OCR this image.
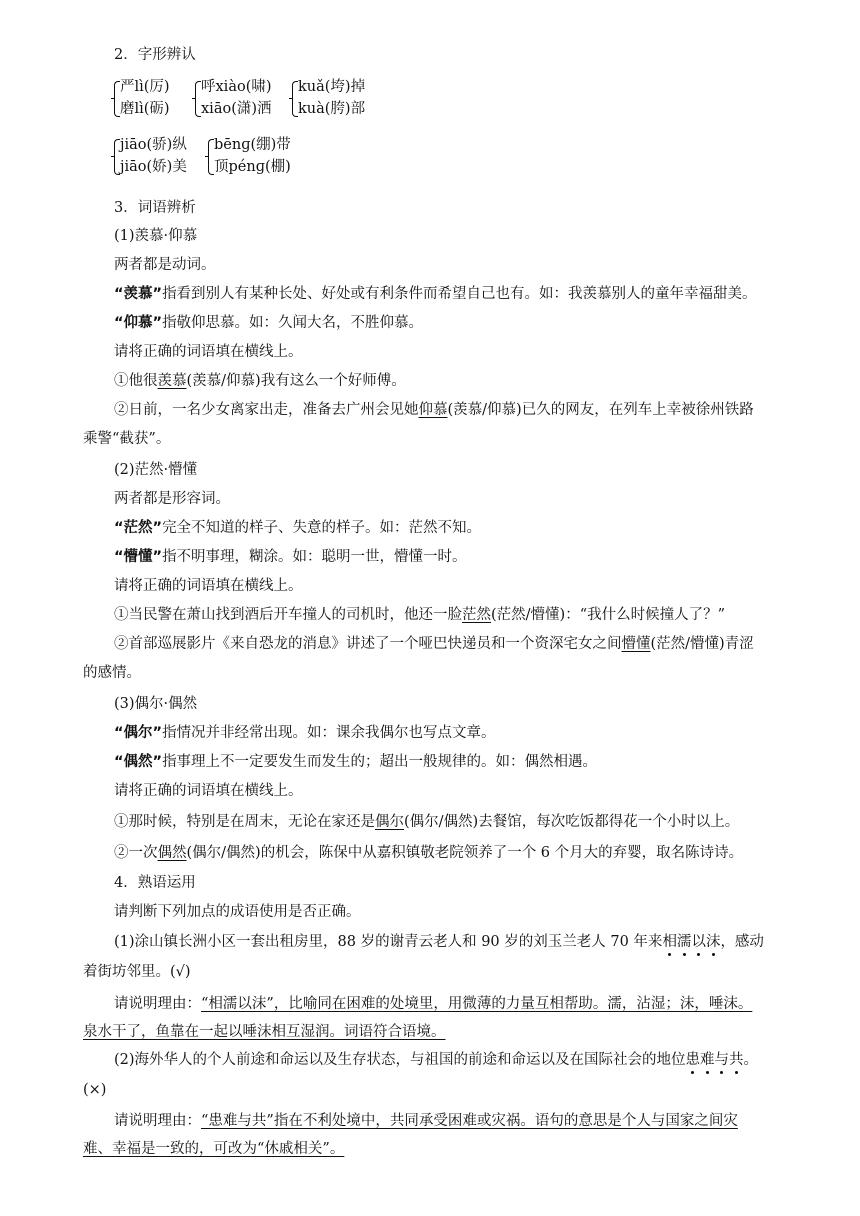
2．字形辨认
严lì(厉)
磨lì(砺)
呼xiào(啸)
xiāo(潇)洒
kuǎ(垮)掉
kuà(胯)部
jiāo(骄)纵
jiāo(娇)美
bēnɡ(绷)带
顶pénɡ(棚)
3．词语辨析
(1)羡慕·仰慕
两者都是动词。
“羡慕”指看到别人有某种长处、好处或有利条件而希望自己也有。如：我羡慕别人的童年幸福甜美。
“仰慕”指敬仰思慕。如：久闻大名，不胜仰慕。
请将正确的词语填在横线上。
①他很羡慕(羡慕/仰慕)我有这么一个好师傅。
②日前，一名少女离家出走，准备去广州会见她仰慕(羡慕/仰慕)已久的网友，在列车上幸被徐州铁路
乘警“截获”。
(2)茫然·懵懂
两者都是形容词。
“茫然”完全不知道的样子、失意的样子。如：茫然不知。
“懵懂”指不明事理，糊涂。如：聪明一世，懵懂一时。
请将正确的词语填在横线上。
①当民警在萧山找到酒后开车撞人的司机时，他还一脸茫然(茫然/懵懂)：“我什么时候撞人了？”
②首部巡展影片《来自恐龙的消息》讲述了一个哑巴快递员和一个资深宅女之间懵懂(茫然/懵懂)青涩
的感情。
(3)偶尔·偶然
“偶尔”指情况并非经常出现。如：课余我偶尔也写点文章。
“偶然”指事理上不一定要发生而发生的；超出一般规律的。如：偶然相遇。
请将正确的词语填在横线上。
①那时候，特别是在周末，无论在家还是偶尔(偶尔/偶然)去餐馆，每次吃饭都得花一个小时以上。
②一次偶然(偶尔/偶然)的机会，陈保中从嘉积镇敬老院领养了一个 6 个月大的弃婴，取名陈诗诗。
4．熟语运用
请判断下列加点的成语使用是否正确。
(1)涂山镇长洲小区一套出租房里，88 岁的谢青云老人和 90 岁的刘玉兰老人 70 年来相濡以沫，感动
着街坊邻里。(√)
请说明理由：“相濡以沫”，比喻同在困难的处境里，用微薄的力量互相帮助。濡，沾湿；沫，唾沫。
泉水干了，鱼靠在一起以唾沫相互湿润。词语符合语境。
(2)海外华人的个人前途和命运以及生存状态，与祖国的前途和命运以及在国际社会的地位患难与共。
(×)
请说明理由：“患难与共”指在不利处境中，共同承受困难或灾祸。语句的意思是个人与国家之间灾
难、幸福是一致的，可改为“休戚相关”。
